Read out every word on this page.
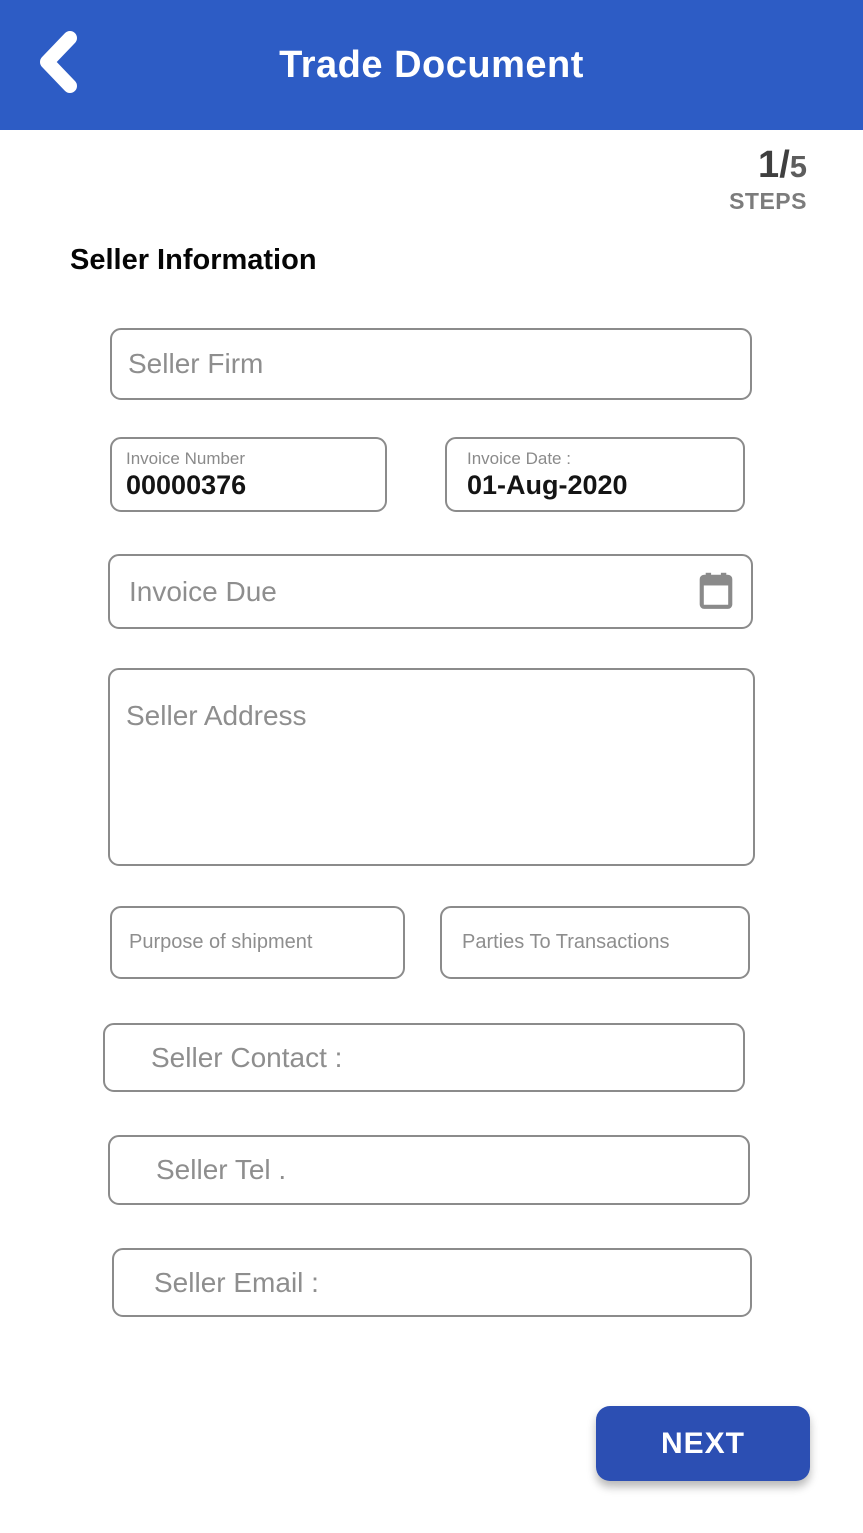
Trade Document
1/5
STEPS
Seller Information
Seller Firm
Invoice Number
00000376	Invoice Date :
01-Aug-2020
Invoice Due
Seller Address
Purpose of shipment
Parties To Transactions
Seller Contact :
Seller Tel .
Seller Email :
NEXT
